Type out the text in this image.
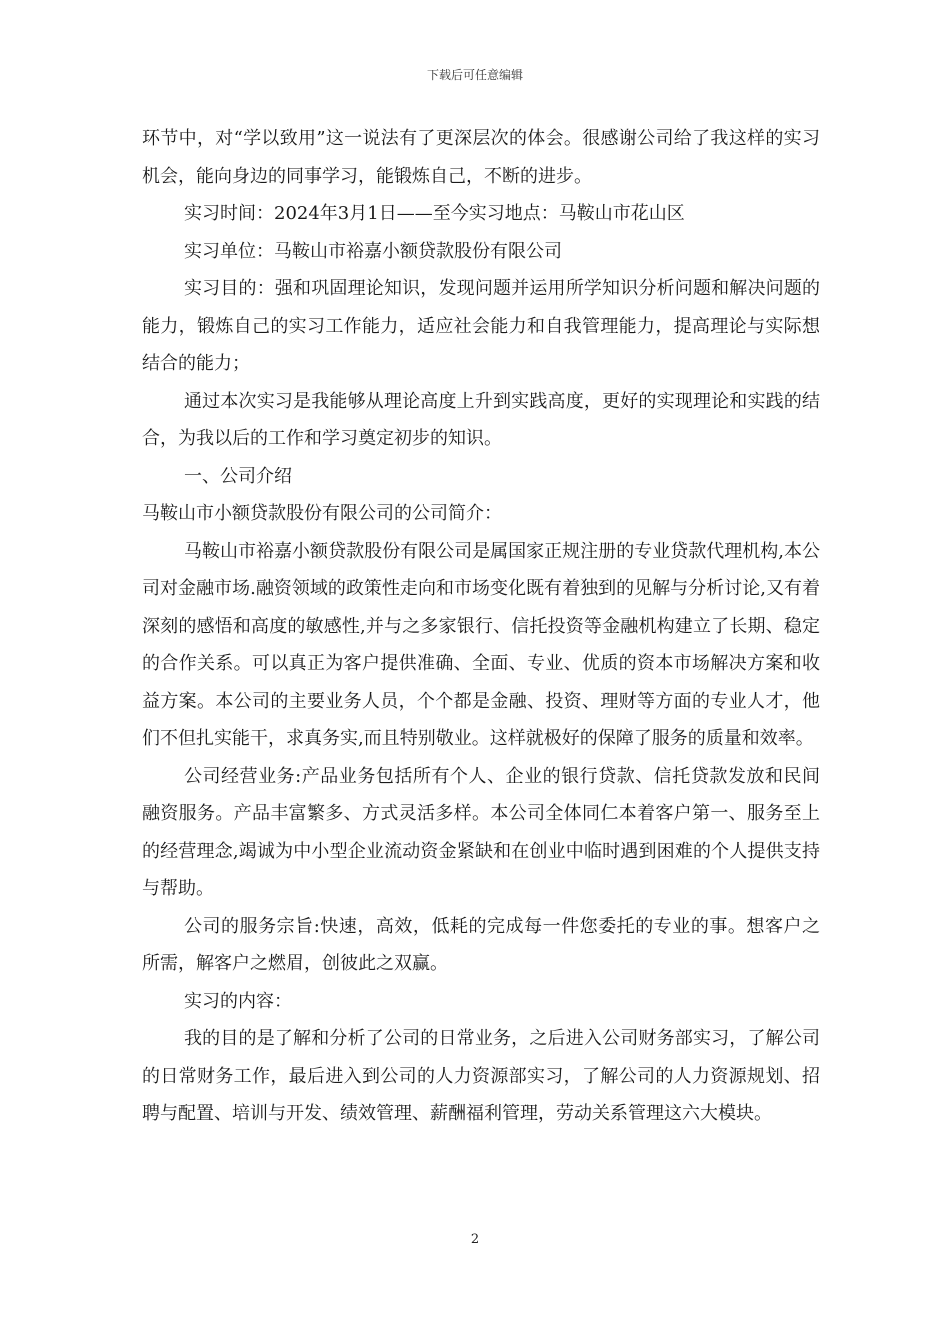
下载后可任意编辑

环节中，对“学以致用”这一说法有了更深层次的体会。很感谢公司给了我这样的实习机会，能向身边的同事学习，能锻炼自己，不断的进步。

实习时间：2024年3月1日——至今实习地点：马鞍山市花山区

实习单位：马鞍山市裕嘉小额贷款股份有限公司

实习目的：强和巩固理论知识，发现问题并运用所学知识分析问题和解决问题的能力，锻炼自己的实习工作能力，适应社会能力和自我管理能力，提高理论与实际想结合的能力；

通过本次实习是我能够从理论高度上升到实践高度，更好的实现理论和实践的结合，为我以后的工作和学习奠定初步的知识。

一、公司介绍

马鞍山市小额贷款股份有限公司的公司简介：

马鞍山市裕嘉小额贷款股份有限公司是属国家正规注册的专业贷款代理机构,本公司对金融市场.融资领域的政策性走向和市场变化既有着独到的见解与分析讨论,又有着深刻的感悟和高度的敏感性,并与之多家银行、信托投资等金融机构建立了长期、稳定的合作关系。可以真正为客户提供准确、全面、专业、优质的资本市场解决方案和收益方案。本公司的主要业务人员，个个都是金融、投资、理财等方面的专业人才，他们不但扎实能干，求真务实,而且特别敬业。这样就极好的保障了服务的质量和效率。

公司经营业务:产品业务包括所有个人、企业的银行贷款、信托贷款发放和民间融资服务。产品丰富繁多、方式灵活多样。本公司全体同仁本着客户第一、服务至上的经营理念,竭诚为中小型企业流动资金紧缺和在创业中临时遇到困难的个人提供支持与帮助。

公司的服务宗旨:快速，高效，低耗的完成每一件您委托的专业的事。想客户之所需，解客户之燃眉，创彼此之双赢。

实习的内容：

我的目的是了解和分析了公司的日常业务，之后进入公司财务部实习，了解公司的日常财务工作，最后进入到公司的人力资源部实习，了解公司的人力资源规划、招聘与配置、培训与开发、绩效管理、薪酬福利管理，劳动关系管理这六大模块。

2
